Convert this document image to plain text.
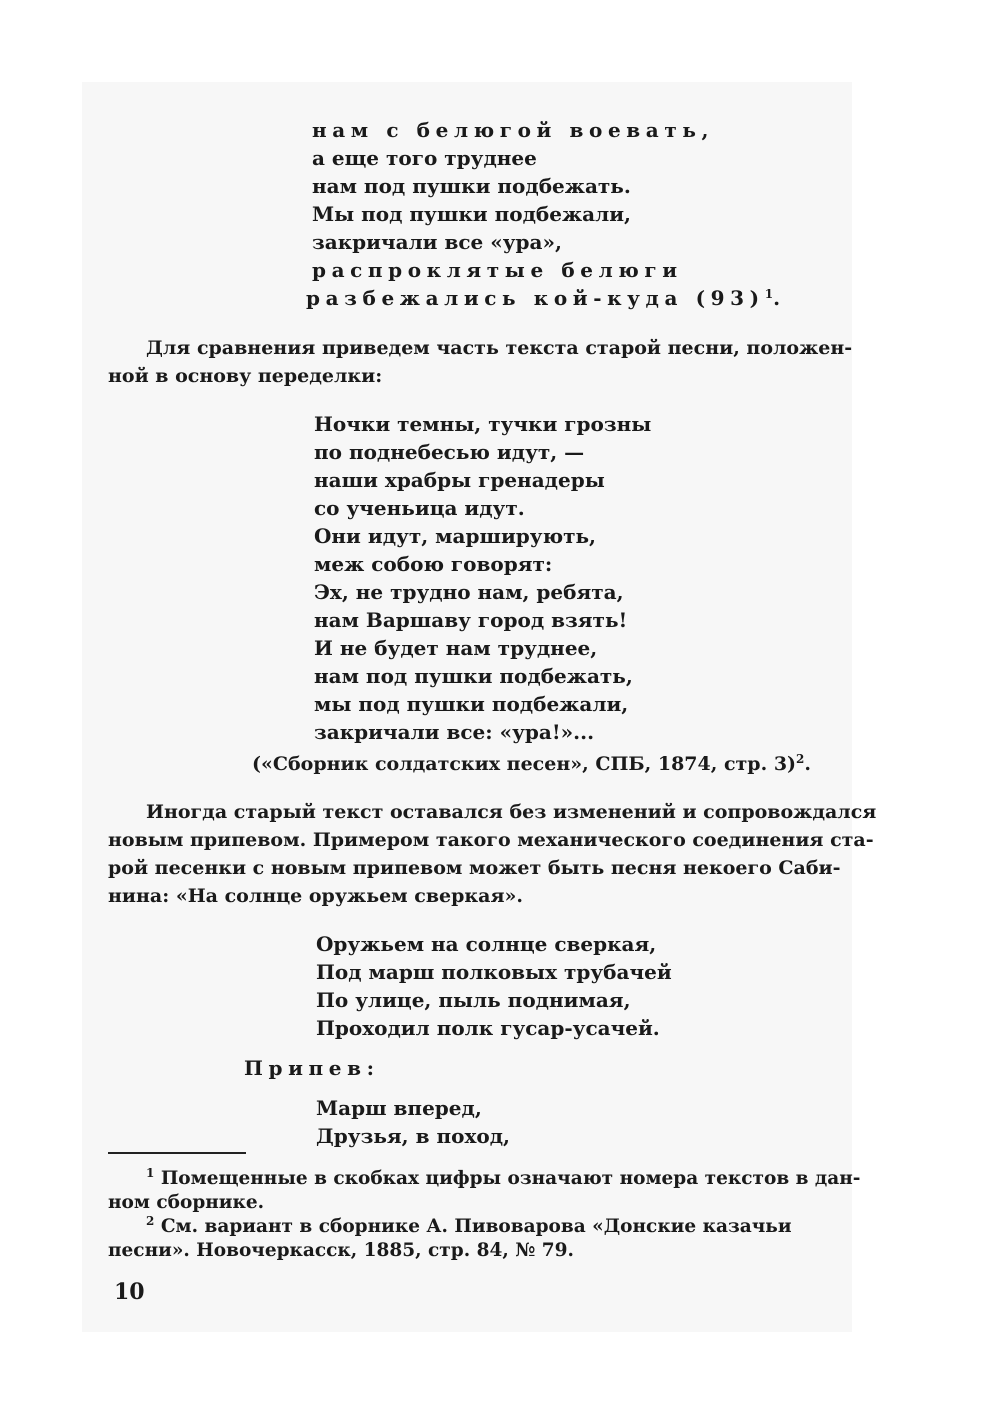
нам с белюгой воевать,
а еще того труднее
нам под пушки подбежать.
Мы под пушки подбежали,
закричали все «ура»,
распроклятые белюги
разбежались кой-куда $(93)^1$.
Для сравнения приведем часть текста старой песни, положен-
ной в основу переделки:
Ночки темны, тучки грозны
по поднебесью идут, —
наши храбры гренадеры
со ученьица идут.
Они идут, марширують,
меж собою говорят:
Эх, не трудно нам, ребята,
нам Варшаву город взять!
И не будет нам труднее,
нам под пушки подбежать,
мы под пушки подбежали,
закричали все: «ура!»...
(«Сборник солдатских песен», СПБ, 1874, стр. 3)$^2$.
Иногда старый текст оставался без изменений и сопровождался
новым припевом. Примером такого механического соединения ста-
рой песенки с новым припевом может быть песня некоего Саби-
нина: «На солнце оружьем сверкая».
Оружьем на солнце сверкая,
Под марш полковых трубачей
По улице, пыль поднимая,
Проходил полк гусар-усачей.
Припев:
Марш вперед,
Друзья, в поход,
$^1$ Помещенные в скобках цифры означают номера текстов в дан-
ном сборнике.
$^2$ См. вариант в сборнике А. Пивоварова «Донские казачьи
песни». Новочеркасск, 1885, стр. 84, № 79.
10
